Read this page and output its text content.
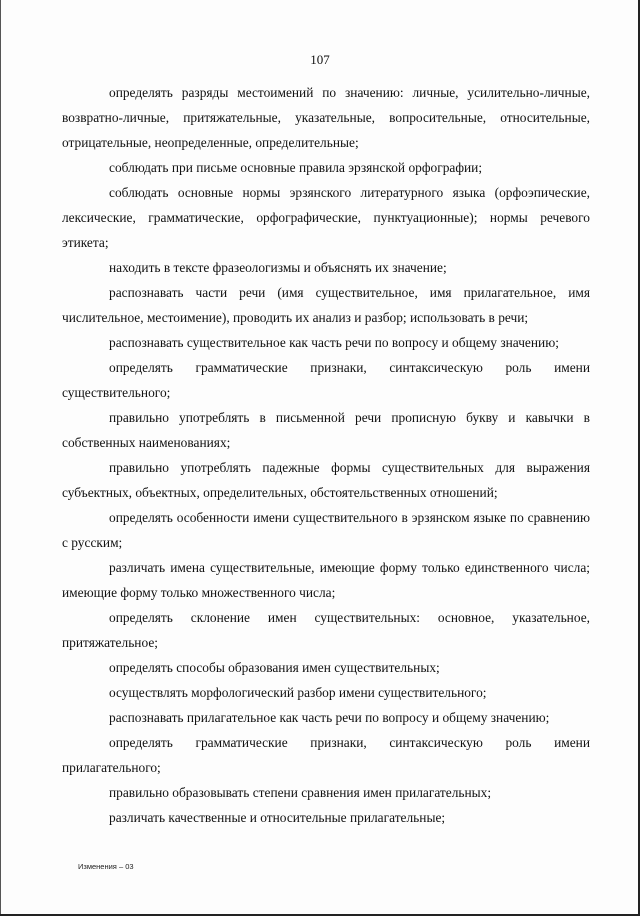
107

определять разряды местоимений по значению: личные, усилительно-личные, возвратно-личные, притяжательные, указательные, вопросительные, относительные, отрицательные, неопределенные, определительные;

соблюдать при письме основные правила эрзянской орфографии;

соблюдать основные нормы эрзянского литературного языка (орфоэпические, лексические, грамматические, орфографические, пунктуационные); нормы речевого этикета;

находить в тексте фразеологизмы и объяснять их значение;

распознавать части речи (имя существительное, имя прилагательное, имя числительное, местоимение), проводить их анализ и разбор; использовать в речи;

распознавать существительное как часть речи по вопросу и общему значению;

определять грамматические признаки, синтаксическую роль имени существительного;

правильно употреблять в письменной речи прописную букву и кавычки в собственных наименованиях;

правильно употреблять падежные формы существительных для выражения субъектных, объектных, определительных, обстоятельственных отношений;

определять особенности имени существительного в эрзянском языке по сравнению с русским;

различать имена существительные, имеющие форму только единственного числа; имеющие форму только множественного числа;

определять склонение имен существительных: основное, указательное, притяжательное;

определять способы образования имен существительных;

осуществлять морфологический разбор имени существительного;

распознавать прилагательное как часть речи по вопросу и общему значению;

определять грамматические признаки, синтаксическую роль имени прилагательного;

правильно образовывать степени сравнения имен прилагательных;

различать качественные и относительные прилагательные;

Изменения – 03
